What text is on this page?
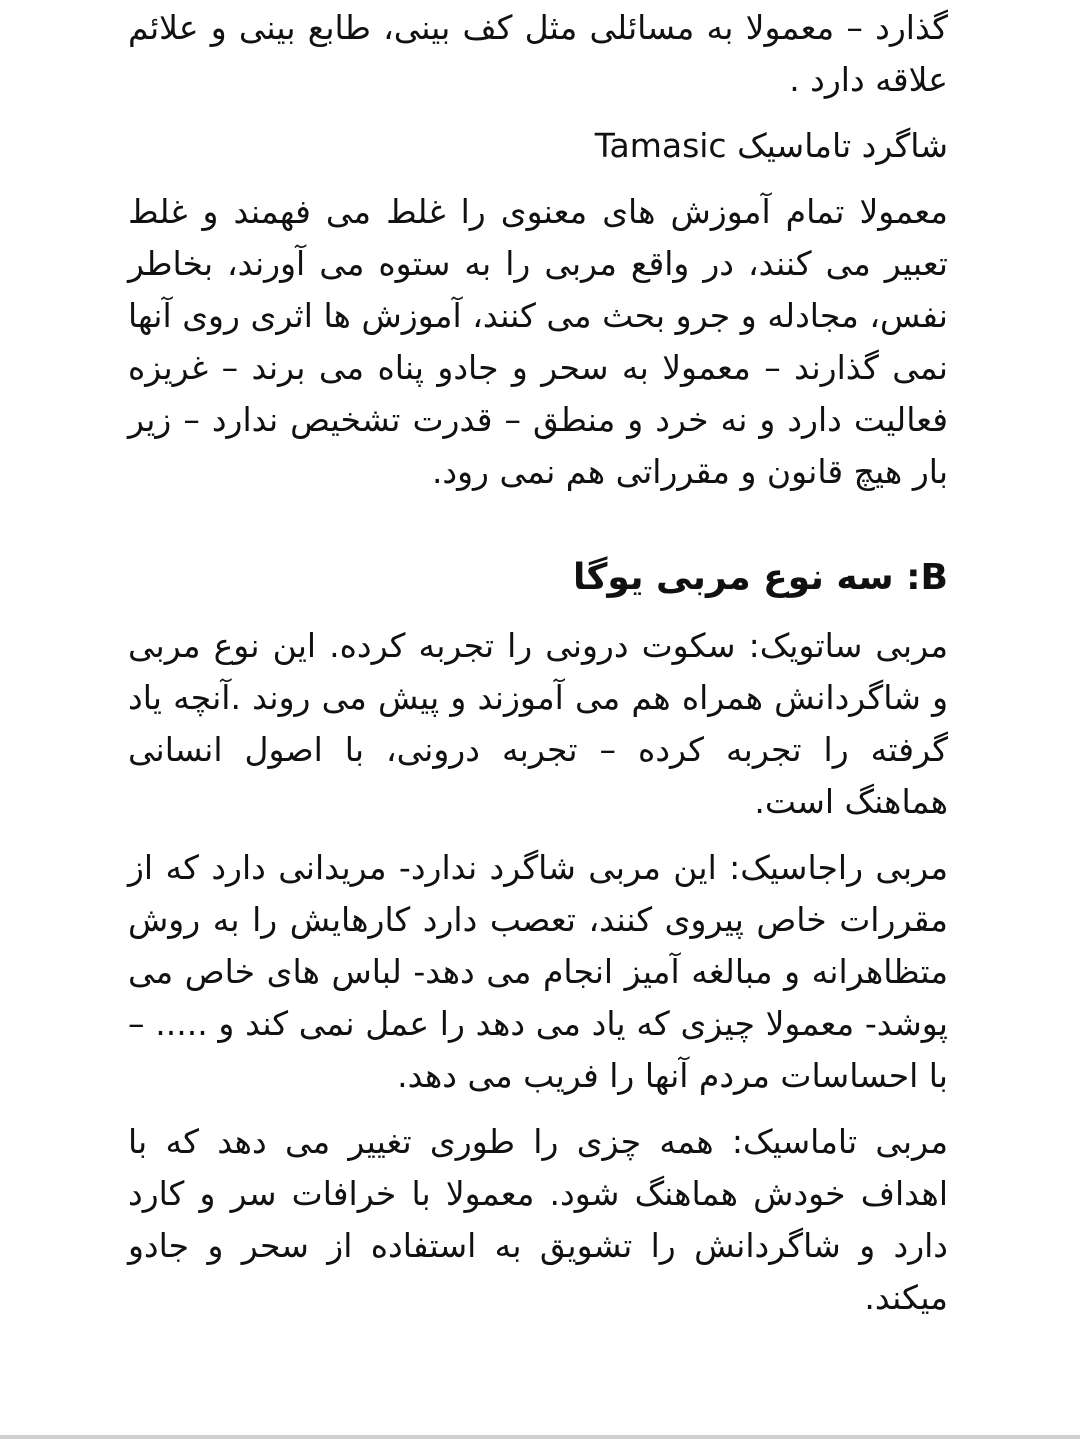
گذارد – معمولا به مسائلی مثل کف بینی، طابع بینی و علائم علاقه دارد .

شاگرد تاماسیک Tamasic

معمولا تمام آموزش های معنوی را غلط می فهمند و غلط تعبیر می کنند، در واقع مربی را به ستوه می آورند، بخاطر نفس، مجادله و جرو بحث می کنند، آموزش ها اثری روی آنها نمی گذارند – معمولا به سحر و جادو پناه می برند – غریزه فعالیت دارد و نه خرد و منطق – قدرت تشخیص ندارد – زیر بار هیچ قانون و مقرراتی هم نمی رود.

B: سه نوع مربی یوگا

مربی ساتویک: سکوت درونی را تجربه کرده. این نوع مربی و شاگردانش همراه هم می آموزند و پیش می روند .آنچه یاد گرفته را تجربه کرده – تجربه درونی، با اصول انسانی هماهنگ است.

مربی راجاسیک: این مربی شاگرد ندارد- مریدانی دارد که از مقررات خاص پیروی کنند، تعصب دارد کارهایش را به روش متظاهرانه و مبالغه آمیز انجام می دهد- لباس های خاص می پوشد- معمولا چیزی که یاد می دهد را عمل نمی کند و ..... – با احساسات مردم آنها را فریب می دهد.

مربی تاماسیک: همه چزی را طوری تغییر می دهد که با اهداف خودش هماهنگ شود. معمولا با خرافات سر و کارد دارد و شاگردانش را تشویق به استفاده از سحر و جادو میکند.
